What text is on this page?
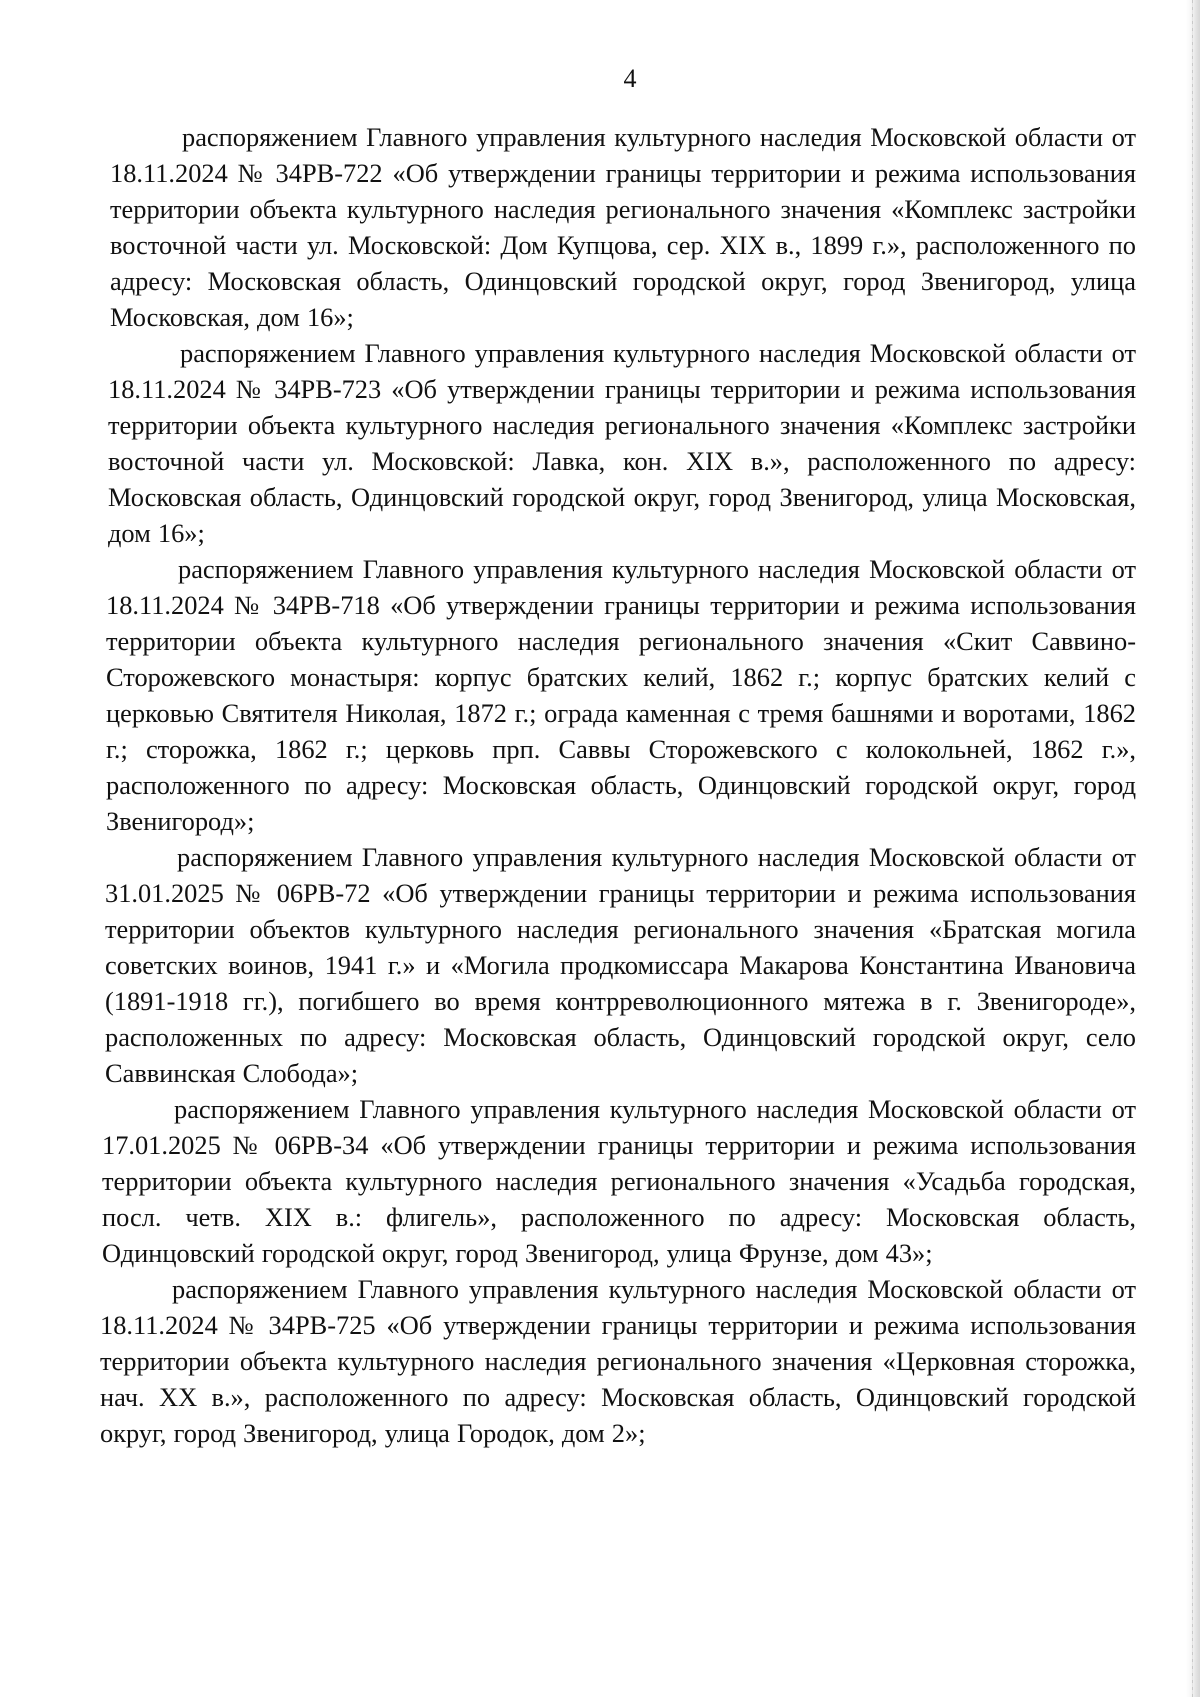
4

распоряжением Главного управления культурного наследия Московской области от 18.11.2024 № 34РВ-722 «Об утверждении границы территории и режима использования территории объекта культурного наследия регионального значения «Комплекс застройки восточной части ул. Московской: Дом Купцова, сер. XIX в., 1899 г.», расположенного по адресу: Московская область, Одинцовский городской округ, город Звенигород, улица Московская, дом 16»;

распоряжением Главного управления культурного наследия Московской области от 18.11.2024 № 34РВ-723 «Об утверждении границы территории и режима использования территории объекта культурного наследия регионального значения «Комплекс застройки восточной части ул. Московской: Лавка, кон. XIX в.», расположенного по адресу: Московская область, Одинцовский городской округ, город Звенигород, улица Московская, дом 16»;

распоряжением Главного управления культурного наследия Московской области от 18.11.2024 № 34РВ-718 «Об утверждении границы территории и режима использования территории объекта культурного наследия регионального значения «Скит Саввино-Сторожевского монастыря: корпус братских келий, 1862 г.; корпус братских келий с церковью Святителя Николая, 1872 г.; ограда каменная с тремя башнями и воротами, 1862 г.; сторожка, 1862 г.; церковь прп. Саввы Сторожевского с колокольней, 1862 г.», расположенного по адресу: Московская область, Одинцовский городской округ, город Звенигород»;

распоряжением Главного управления культурного наследия Московской области от 31.01.2025 № 06РВ-72 «Об утверждении границы территории и режима использования территории объектов культурного наследия регионального значения «Братская могила советских воинов, 1941 г.» и «Могила продкомиссара Макарова Константина Ивановича (1891-1918 гг.), погибшего во время контрреволюционного мятежа в г. Звенигороде», расположенных по адресу: Московская область, Одинцовский городской округ, село Саввинская Слобода»;

распоряжением Главного управления культурного наследия Московской области от 17.01.2025 № 06РВ-34 «Об утверждении границы территории и режима использования территории объекта культурного наследия регионального значения «Усадьба городская, посл. четв. XIX в.: флигель», расположенного по адресу: Московская область, Одинцовский городской округ, город Звенигород, улица Фрунзе, дом 43»;

распоряжением Главного управления культурного наследия Московской области от 18.11.2024 № 34РВ-725 «Об утверждении границы территории и режима использования территории объекта культурного наследия регионального значения «Церковная сторожка, нач. XX в.», расположенного по адресу: Московская область, Одинцовский городской округ, город Звенигород, улица Городок, дом 2»;
